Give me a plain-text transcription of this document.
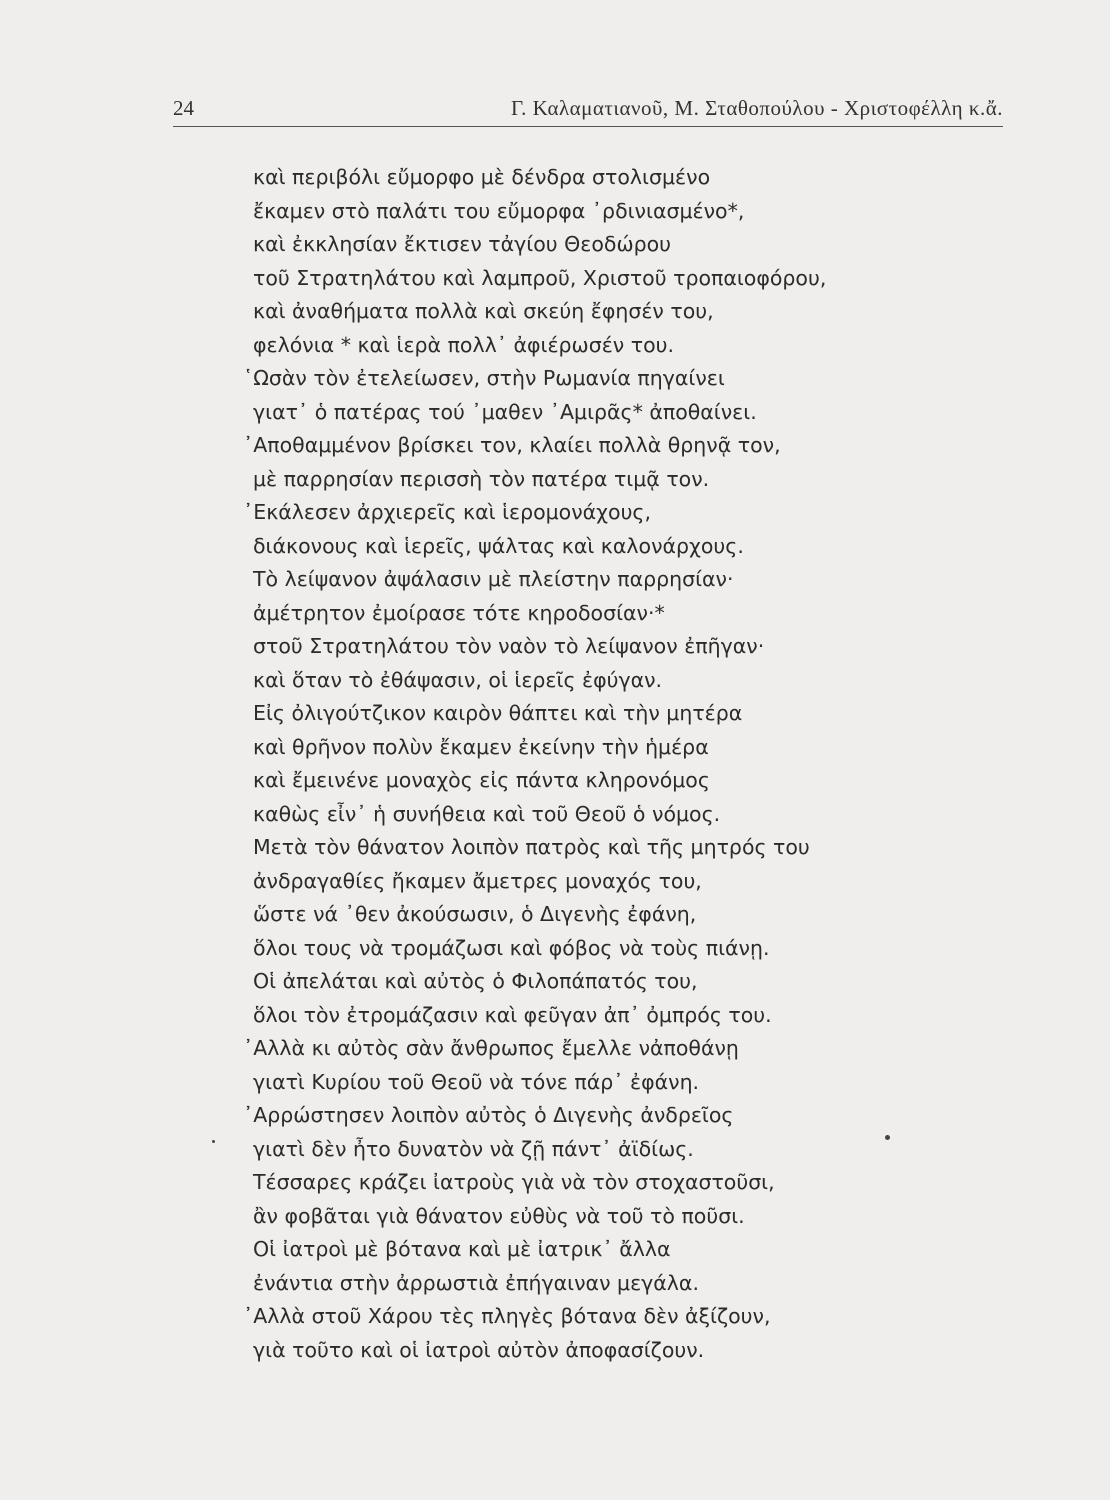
24	Γ. Καλαματιανοῦ, Μ. Σταθοπούλου - Χριστοφέλλη κ.ἄ.
καὶ περιβόλι εὔμορφο μὲ δένδρα στολισμένο
ἔκαμεν στὸ παλάτι του εὔμορφα ᾿ρδινιασμένο*,
καὶ ἐκκλησίαν ἔκτισεν τἀγίου Θεοδώρου
τοῦ Στρατηλάτου καὶ λαμπροῦ, Χριστοῦ τροπαιοφόρου,
καὶ ἀναθήματα πολλὰ καὶ σκεύη ἔφησέν του,
φελόνια * καὶ ἱερὰ πολλ᾿ ἀφιέρωσέν του.
῾Ωσὰν τὸν ἐτελείωσεν, στὴν Ρωμανία πηγαίνει
γιατ᾿ ὁ πατέρας τού ᾿μαθεν ᾿Αμιρᾶς* ἀποθαίνει.
᾿Αποθαμμένον βρίσκει τον, κλαίει πολλὰ θρηνᾷ τον,
μὲ παρρησίαν περισσὴ τὸν πατέρα τιμᾷ τον.
᾿Εκάλεσεν ἀρχιερεῖς καὶ ἱερομονάχους,
διάκονους καὶ ἱερεῖς, ψάλτας καὶ καλονάρχους.
Τὸ λείψανον ἀψάλασιν μὲ πλείστην παρρησίαν·
ἀμέτρητον ἐμοίρασε τότε κηροδοσίαν·*
στοῦ Στρατηλάτου τὸν ναὸν τὸ λείψανον ἐπῆγαν·
καὶ ὅταν τὸ ἐθάψασιν, οἱ ἱερεῖς ἐφύγαν.
Εἰς ὀλιγούτζικον καιρὸν θάπτει καὶ τὴν μητέρα
καὶ θρῆνον πολὺν ἔκαμεν ἐκείνην τὴν ἡμέρα
καὶ ἔμεινένε μοναχὸς εἰς πάντα κληρονόμος
καθὼς εἶν᾿ ἡ συνήθεια καὶ τοῦ Θεοῦ ὁ νόμος.
Μετὰ τὸν θάνατον λοιπὸν πατρὸς καὶ τῆς μητρός του
ἀνδραγαθίες ἤκαμεν ἄμετρες μοναχός του,
ὥστε νά ᾿θεν ἀκούσωσιν, ὁ Διγενὴς ἐφάνη,
ὅλοι τους νὰ τρομάζωσι καὶ φόβος νὰ τοὺς πιάνῃ.
Οἱ ἀπελάται καὶ αὐτὸς ὁ Φιλοπάπατός του,
ὅλοι τὸν ἐτρομάζασιν καὶ φεῦγαν ἀπ᾿ ὀμπρός του.
᾿Αλλὰ κι αὐτὸς σὰν ἄνθρωπος ἔμελλε νἀποθάνῃ
γιατὶ Κυρίου τοῦ Θεοῦ νὰ τόνε πάρ᾿ ἐφάνη.
᾿Αρρώστησεν λοιπὸν αὐτὸς ὁ Διγενὴς ἀνδρεῖος
γιατὶ δὲν ἦτο δυνατὸν νὰ ζῇ πάντ᾿ ἀϊδίως.
Τέσσαρες κράζει ἰατροὺς γιὰ νὰ τὸν στοχαστοῦσι,
ἂν φοβᾶται γιὰ θάνατον εὐθὺς νὰ τοῦ τὸ ποῦσι.
Οἱ ἰατροὶ μὲ βότανα καὶ μὲ ἰατρικ᾿ ἄλλα
ἐνάντια στὴν ἀρρωστιὰ ἐπήγαιναν μεγάλα.
᾿Αλλὰ στοῦ Χάρου τὲς πληγὲς βότανα δὲν ἀξίζουν,
γιὰ τοῦτο καὶ οἱ ἰατροὶ αὐτὸν ἀποφασίζουν.
